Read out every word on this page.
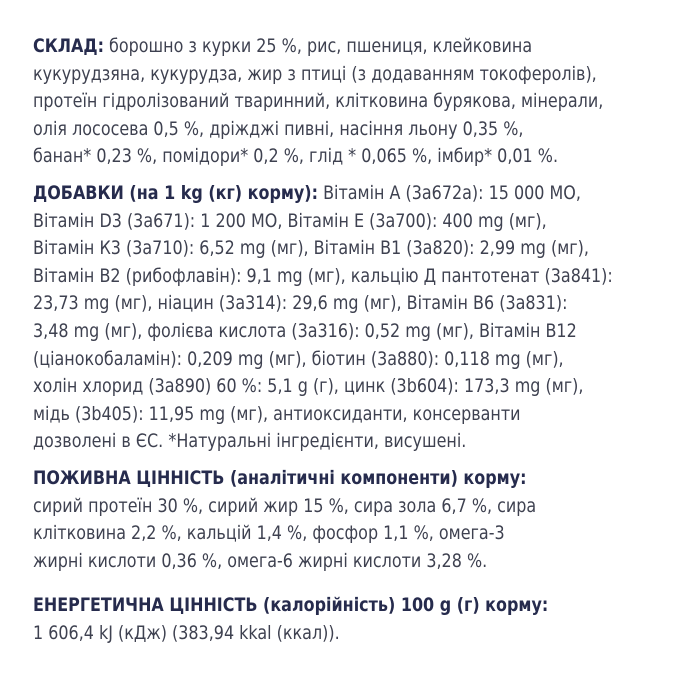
СКЛАД: борошно з курки 25 %, рис, пшениця, клейковина
кукурудзяна, кукурудза, жир з птиці (з додаванням токоферолів),
протеїн гідролізований тваринний, клітковина бурякова, мінерали,
олія лососева 0,5 %, дріжджі пивні, насіння льону 0,35 %,
банан* 0,23 %, помідори* 0,2 %, глід * 0,065 %, імбир* 0,01 %.
ДОБАВКИ (на 1 kg (кг) корму): Вітамін А (3а672а): 15 000 МО,
Вітамін D3 (3а671): 1 200 МО, Вітамін Е (3а700): 400 mg (мг),
Вітамін К3 (3а710): 6,52 mg (мг), Вітамін В1 (3а820): 2,99 mg (мг),
Вітамін В2 (рибофлавін): 9,1 mg (мг), кальцію Д пантотенат (3а841):
23,73 mg (мг), ніацин (3а314): 29,6 mg (мг), Вітамін В6 (3а831):
3,48 mg (мг), фолієва кислота (3а316): 0,52 mg (мг), Вітамін В12
(ціанокобаламін): 0,209 mg (мг), біотин (3а880): 0,118 mg (мг),
холін хлорид (3а890) 60 %: 5,1 g (г), цинк (3b604): 173,3 mg (мг),
мідь (3b405): 11,95 mg (мг), антиоксиданти, консерванти
дозволені в ЄС. *Натуральні інгредієнти, висушені.
ПОЖИВНА ЦІННІСТЬ (аналітичні компоненти) корму:
сирий протеїн 30 %, сирий жир 15 %, сира зола 6,7 %, сира
клітковина 2,2 %, кальцій 1,4 %, фосфор 1,1 %, омега-3
жирні кислоти 0,36 %, омега-6 жирні кислоти 3,28 %.
ЕНЕРГЕТИЧНА ЦІННІСТЬ (калорійність) 100 g (г) корму:
1 606,4 kJ (кДж) (383,94 kkal (ккал)).
